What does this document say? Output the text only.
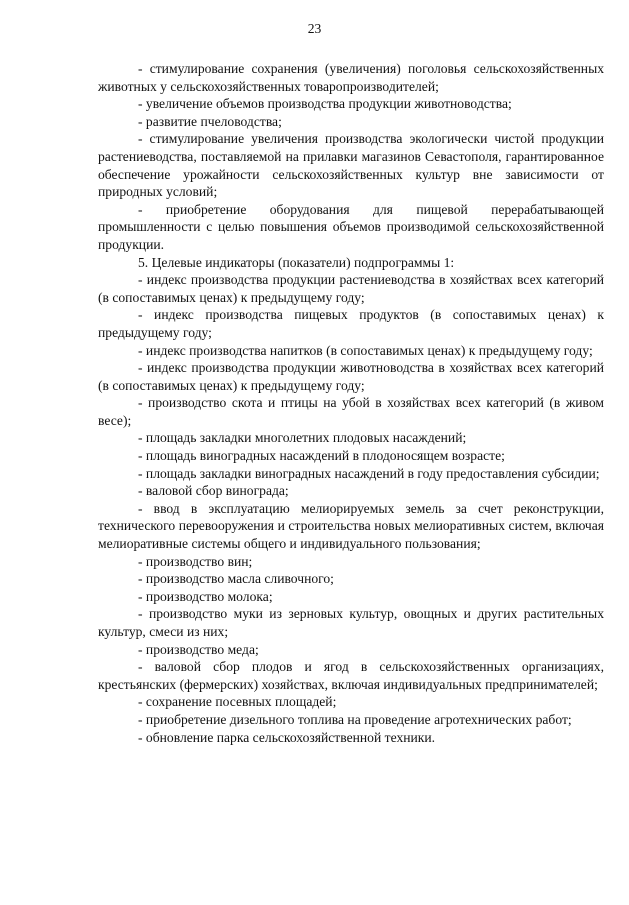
23

- стимулирование сохранения (увеличения) поголовья сельскохозяйственных животных у сельскохозяйственных товаропроизводителей;

- увеличение объемов производства продукции животноводства;

- развитие пчеловодства;

- стимулирование увеличения производства экологически чистой продукции растениеводства, поставляемой на прилавки магазинов Севастополя, гарантированное обеспечение урожайности сельскохозяйственных культур вне зависимости от природных условий;

- приобретение оборудования для пищевой перерабатывающей промышленности с целью повышения объемов производимой сельскохозяйственной продукции.

5. Целевые индикаторы (показатели) подпрограммы 1:

- индекс производства продукции растениеводства в хозяйствах всех категорий (в сопоставимых ценах) к предыдущему году;

- индекс производства пищевых продуктов (в сопоставимых ценах) к предыдущему году;

- индекс производства напитков (в сопоставимых ценах) к предыдущему году;

- индекс производства продукции животноводства в хозяйствах всех категорий (в сопоставимых ценах) к предыдущему году;

- производство скота и птицы на убой в хозяйствах всех категорий (в живом весе);

- площадь закладки многолетних плодовых насаждений;

- площадь виноградных насаждений в плодоносящем возрасте;

- площадь закладки виноградных насаждений в году предоставления субсидии;

- валовой сбор винограда;

- ввод в эксплуатацию мелиорируемых земель за счет реконструкции, технического перевооружения и строительства новых мелиоративных систем, включая мелиоративные системы общего и индивидуального пользования;

- производство вин;

- производство масла сливочного;

- производство молока;

- производство муки из зерновых культур, овощных и других растительных культур, смеси из них;

- производство меда;

- валовой сбор плодов и ягод в сельскохозяйственных организациях, крестьянских (фермерских) хозяйствах, включая индивидуальных предпринимателей;

- сохранение посевных площадей;

- приобретение дизельного топлива на проведение агротехнических работ;

- обновление парка сельскохозяйственной техники.
